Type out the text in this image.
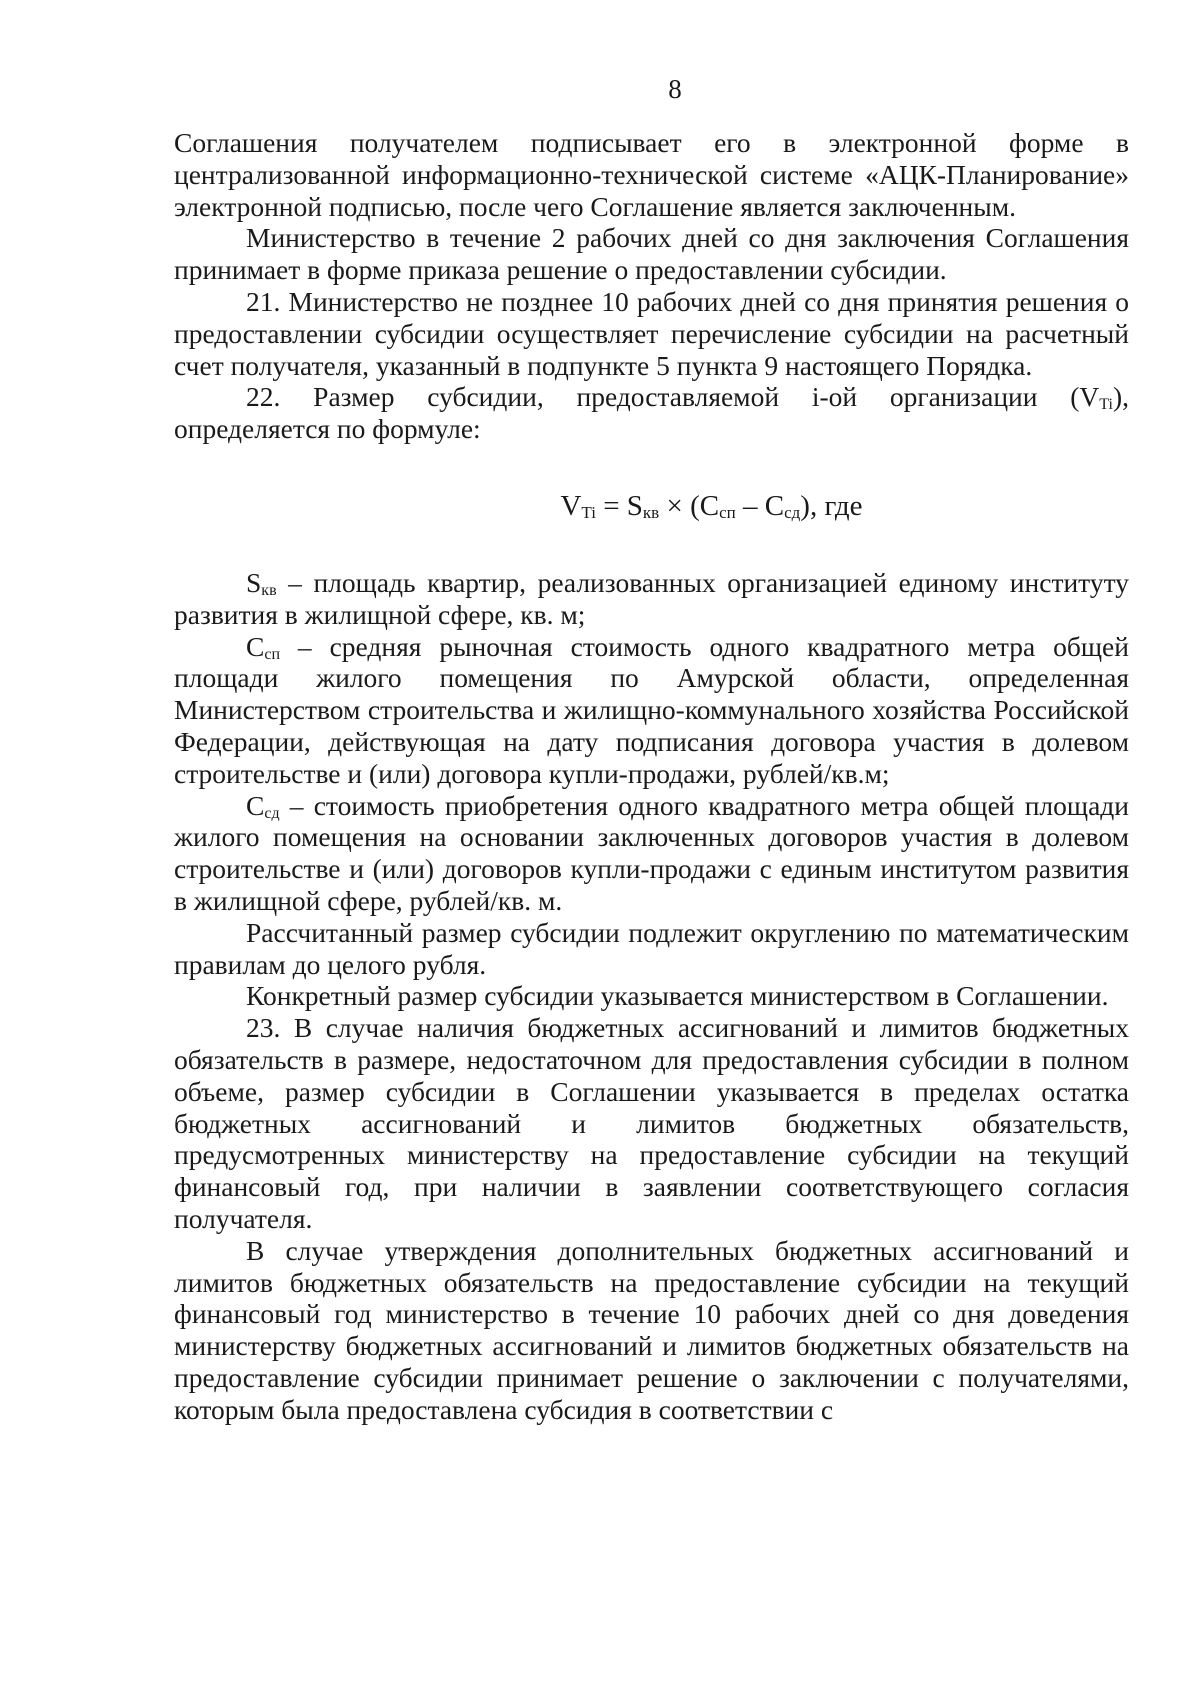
8

Соглашения получателем подписывает его в электронной форме в централизованной информационно-технической системе «АЦК-Планирование» электронной подписью, после чего Соглашение является заключенным.

Министерство в течение 2 рабочих дней со дня заключения Соглашения принимает в форме приказа решение о предоставлении субсидии.

21. Министерство не позднее 10 рабочих дней со дня принятия решения о предоставлении субсидии осуществляет перечисление субсидии на расчетный счет получателя, указанный в подпункте 5 пункта 9 настоящего Порядка.

22. Размер субсидии, предоставляемой i-ой организации $(V_{Ti})$, определяется по формуле:

$V_{Ti} = S_{кв} \times (C_{сп} - C_{сд})$, где

$S_{кв}$ – площадь квартир, реализованных организацией единому институту развития в жилищной сфере, кв. м;

$С_{сп}$ – средняя рыночная стоимость одного квадратного метра общей площади жилого помещения по Амурской области, определенная Министерством строительства и жилищно-коммунального хозяйства Российской Федерации, действующая на дату подписания договора участия в долевом строительстве и (или) договора купли-продажи, рублей/кв.м;

$С_{сд}$ – стоимость приобретения одного квадратного метра общей площади жилого помещения на основании заключенных договоров участия в долевом строительстве и (или) договоров купли-продажи с единым институтом развития в жилищной сфере, рублей/кв. м.

Рассчитанный размер субсидии подлежит округлению по математическим правилам до целого рубля.

Конкретный размер субсидии указывается министерством в Соглашении.

23. В случае наличия бюджетных ассигнований и лимитов бюджетных обязательств в размере, недостаточном для предоставления субсидии в полном объеме, размер субсидии в Соглашении указывается в пределах остатка бюджетных ассигнований и лимитов бюджетных обязательств, предусмотренных министерству на предоставление субсидии на текущий финансовый год, при наличии в заявлении соответствующего согласия получателя.

В случае утверждения дополнительных бюджетных ассигнований и лимитов бюджетных обязательств на предоставление субсидии на текущий финансовый год министерство в течение 10 рабочих дней со дня доведения министерству бюджетных ассигнований и лимитов бюджетных обязательств на предоставление субсидии принимает решение о заключении с получателями, которым была предоставлена субсидия в соответствии с
